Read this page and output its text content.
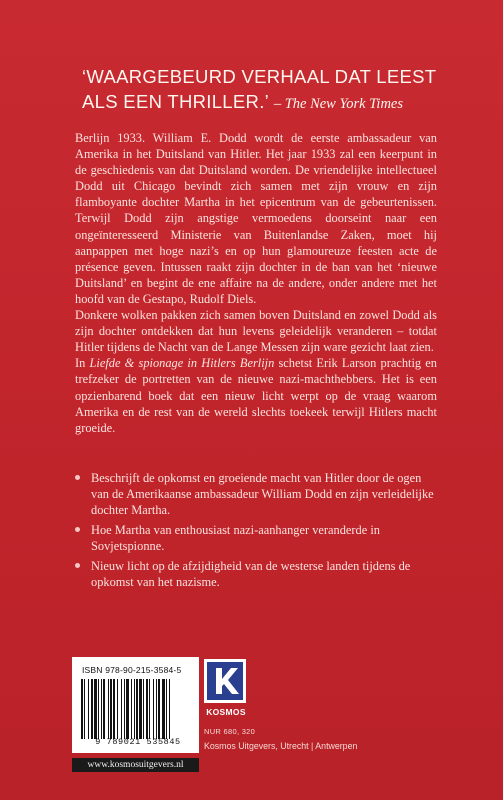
‘WAARGEBEURD VERHAAL DAT LEEST
ALS EEN THRILLER.’ – The New York Times

Berlijn 1933. William E. Dodd wordt de eerste ambassadeur van Amerika in het Duitsland van Hitler. Het jaar 1933 zal een keerpunt in de geschiedenis van dat Duitsland worden. De vriendelijke intellectueel Dodd uit Chicago bevindt zich samen met zijn vrouw en zijn flamboyante dochter Martha in het epicentrum van de gebeurtenissen. Terwijl Dodd zijn angstige vermoedens doorseint naar een ongeïnteresseerd Ministerie van Buitenlandse Zaken, moet hij aanpappen met hoge nazi’s en op hun glamoureuze feesten acte de présence geven. Intussen raakt zijn dochter in de ban van het ‘nieuwe Duitsland’ en begint de ene affaire na de andere, onder andere met het hoofd van de Gestapo, Rudolf Diels.

Donkere wolken pakken zich samen boven Duitsland en zowel Dodd als zijn dochter ontdekken dat hun levens geleidelijk veranderen – totdat Hitler tijdens de Nacht van de Lange Messen zijn ware gezicht laat zien.

In Liefde & spionage in Hitlers Berlijn schetst Erik Larson prachtig en trefzeker de portretten van de nieuwe nazi-machthebbers. Het is een opzienbarend boek dat een nieuw licht werpt op de vraag waarom Amerika en de rest van de wereld slechts toekeek terwijl Hitlers macht groeide.

Beschrijft de opkomst en groeiende macht van Hitler door de ogen van de Amerikaanse ambassadeur William Dodd en zijn verleidelijke dochter Martha.
Hoe Martha van enthousiast nazi-aanhanger veranderde in Sovjetspionne.
Nieuw licht op de afzijdigheid van de westerse landen tijdens de opkomst van het nazisme.
ISBN 978-90-215-3584-5
9 789021 535845
www.kosmosuitgevers.nl
KOSMOS
NUR 680, 320
Kosmos Uitgevers, Utrecht | Antwerpen
